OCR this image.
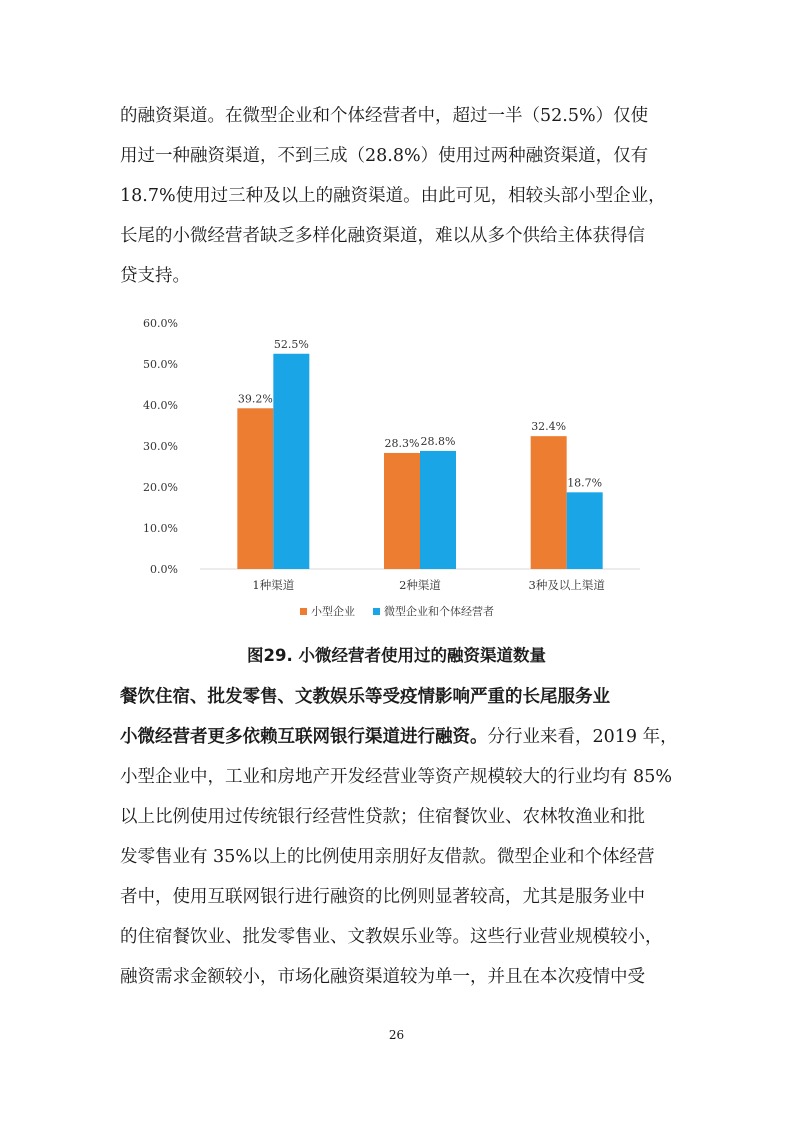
的融资渠道。在微型企业和个体经营者中，超过一半（52.5%）仅使
用过一种融资渠道，不到三成（28.8%）使用过两种融资渠道，仅有
18.7%使用过三种及以上的融资渠道。由此可见，相较头部小型企业，
长尾的小微经营者缺乏多样化融资渠道，难以从多个供给主体获得信
贷支持。
0.0%
10.0%
20.0%
30.0%
40.0%
50.0%
60.0%
39.2%
52.5%
28.3% 28.8%
32.4%
18.7%
1种渠道	2种渠道	3种及以上渠道
小型企业	微型企业和个体经营者
图29. 小微经营者使用过的融资渠道数量
餐饮住宿、批发零售、文教娱乐等受疫情影响严重的长尾服务业
小微经营者更多依赖互联网银行渠道进行融资。分行业来看，2019 年，
小型企业中，工业和房地产开发经营业等资产规模较大的行业均有 85%
以上比例使用过传统银行经营性贷款；住宿餐饮业、农林牧渔业和批
发零售业有 35%以上的比例使用亲朋好友借款。微型企业和个体经营
者中，使用互联网银行进行融资的比例则显著较高，尤其是服务业中
的住宿餐饮业、批发零售业、文教娱乐业等。这些行业营业规模较小，
融资需求金额较小，市场化融资渠道较为单一，并且在本次疫情中受
26
